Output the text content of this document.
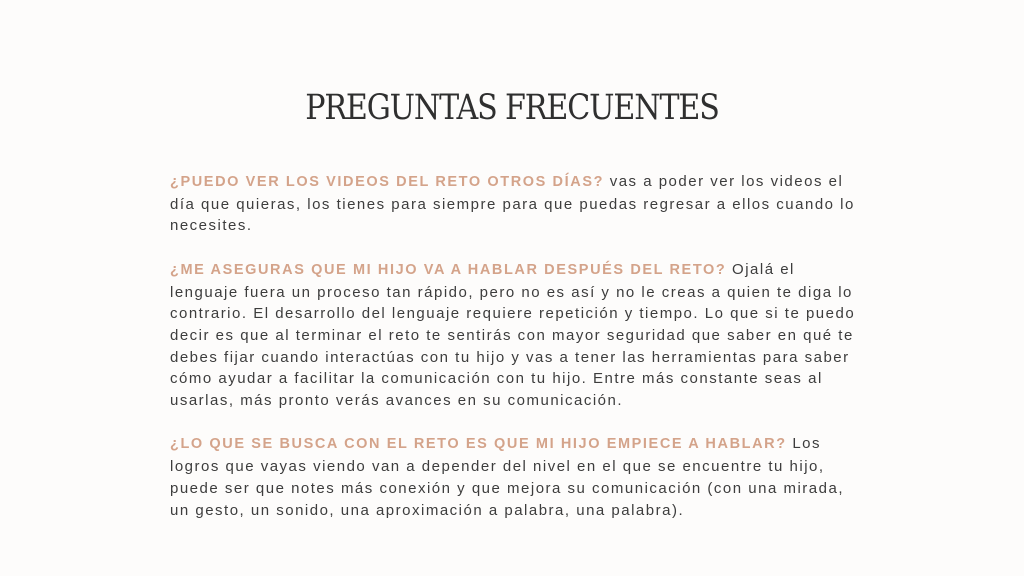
PREGUNTAS FRECUENTES

¿PUEDO VER LOS VIDEOS DEL RETO OTROS DÍAS? vas a poder ver los videos el día que quieras, los tienes para siempre para que puedas regresar a ellos cuando lo necesites.

¿ME ASEGURAS QUE MI HIJO VA A HABLAR DESPUÉS DEL RETO? Ojalá el lenguaje fuera un proceso tan rápido, pero no es así y no le creas a quien te diga lo contrario. El desarrollo del lenguaje requiere repetición y tiempo. Lo que si te puedo decir es que al terminar el reto te sentirás con mayor seguridad que saber en qué te debes fijar cuando interactúas con tu hijo y vas a tener las herramientas para saber cómo ayudar a facilitar la comunicación con tu hijo. Entre más constante seas al usarlas, más pronto verás avances en su comunicación.

¿LO QUE SE BUSCA CON EL RETO ES QUE MI HIJO EMPIECE A HABLAR? Los logros que vayas viendo van a depender del nivel en el que se encuentre tu hijo, puede ser que notes más conexión y que mejora su comunicación (con una mirada, un gesto, un sonido, una aproximación a palabra, una palabra).
